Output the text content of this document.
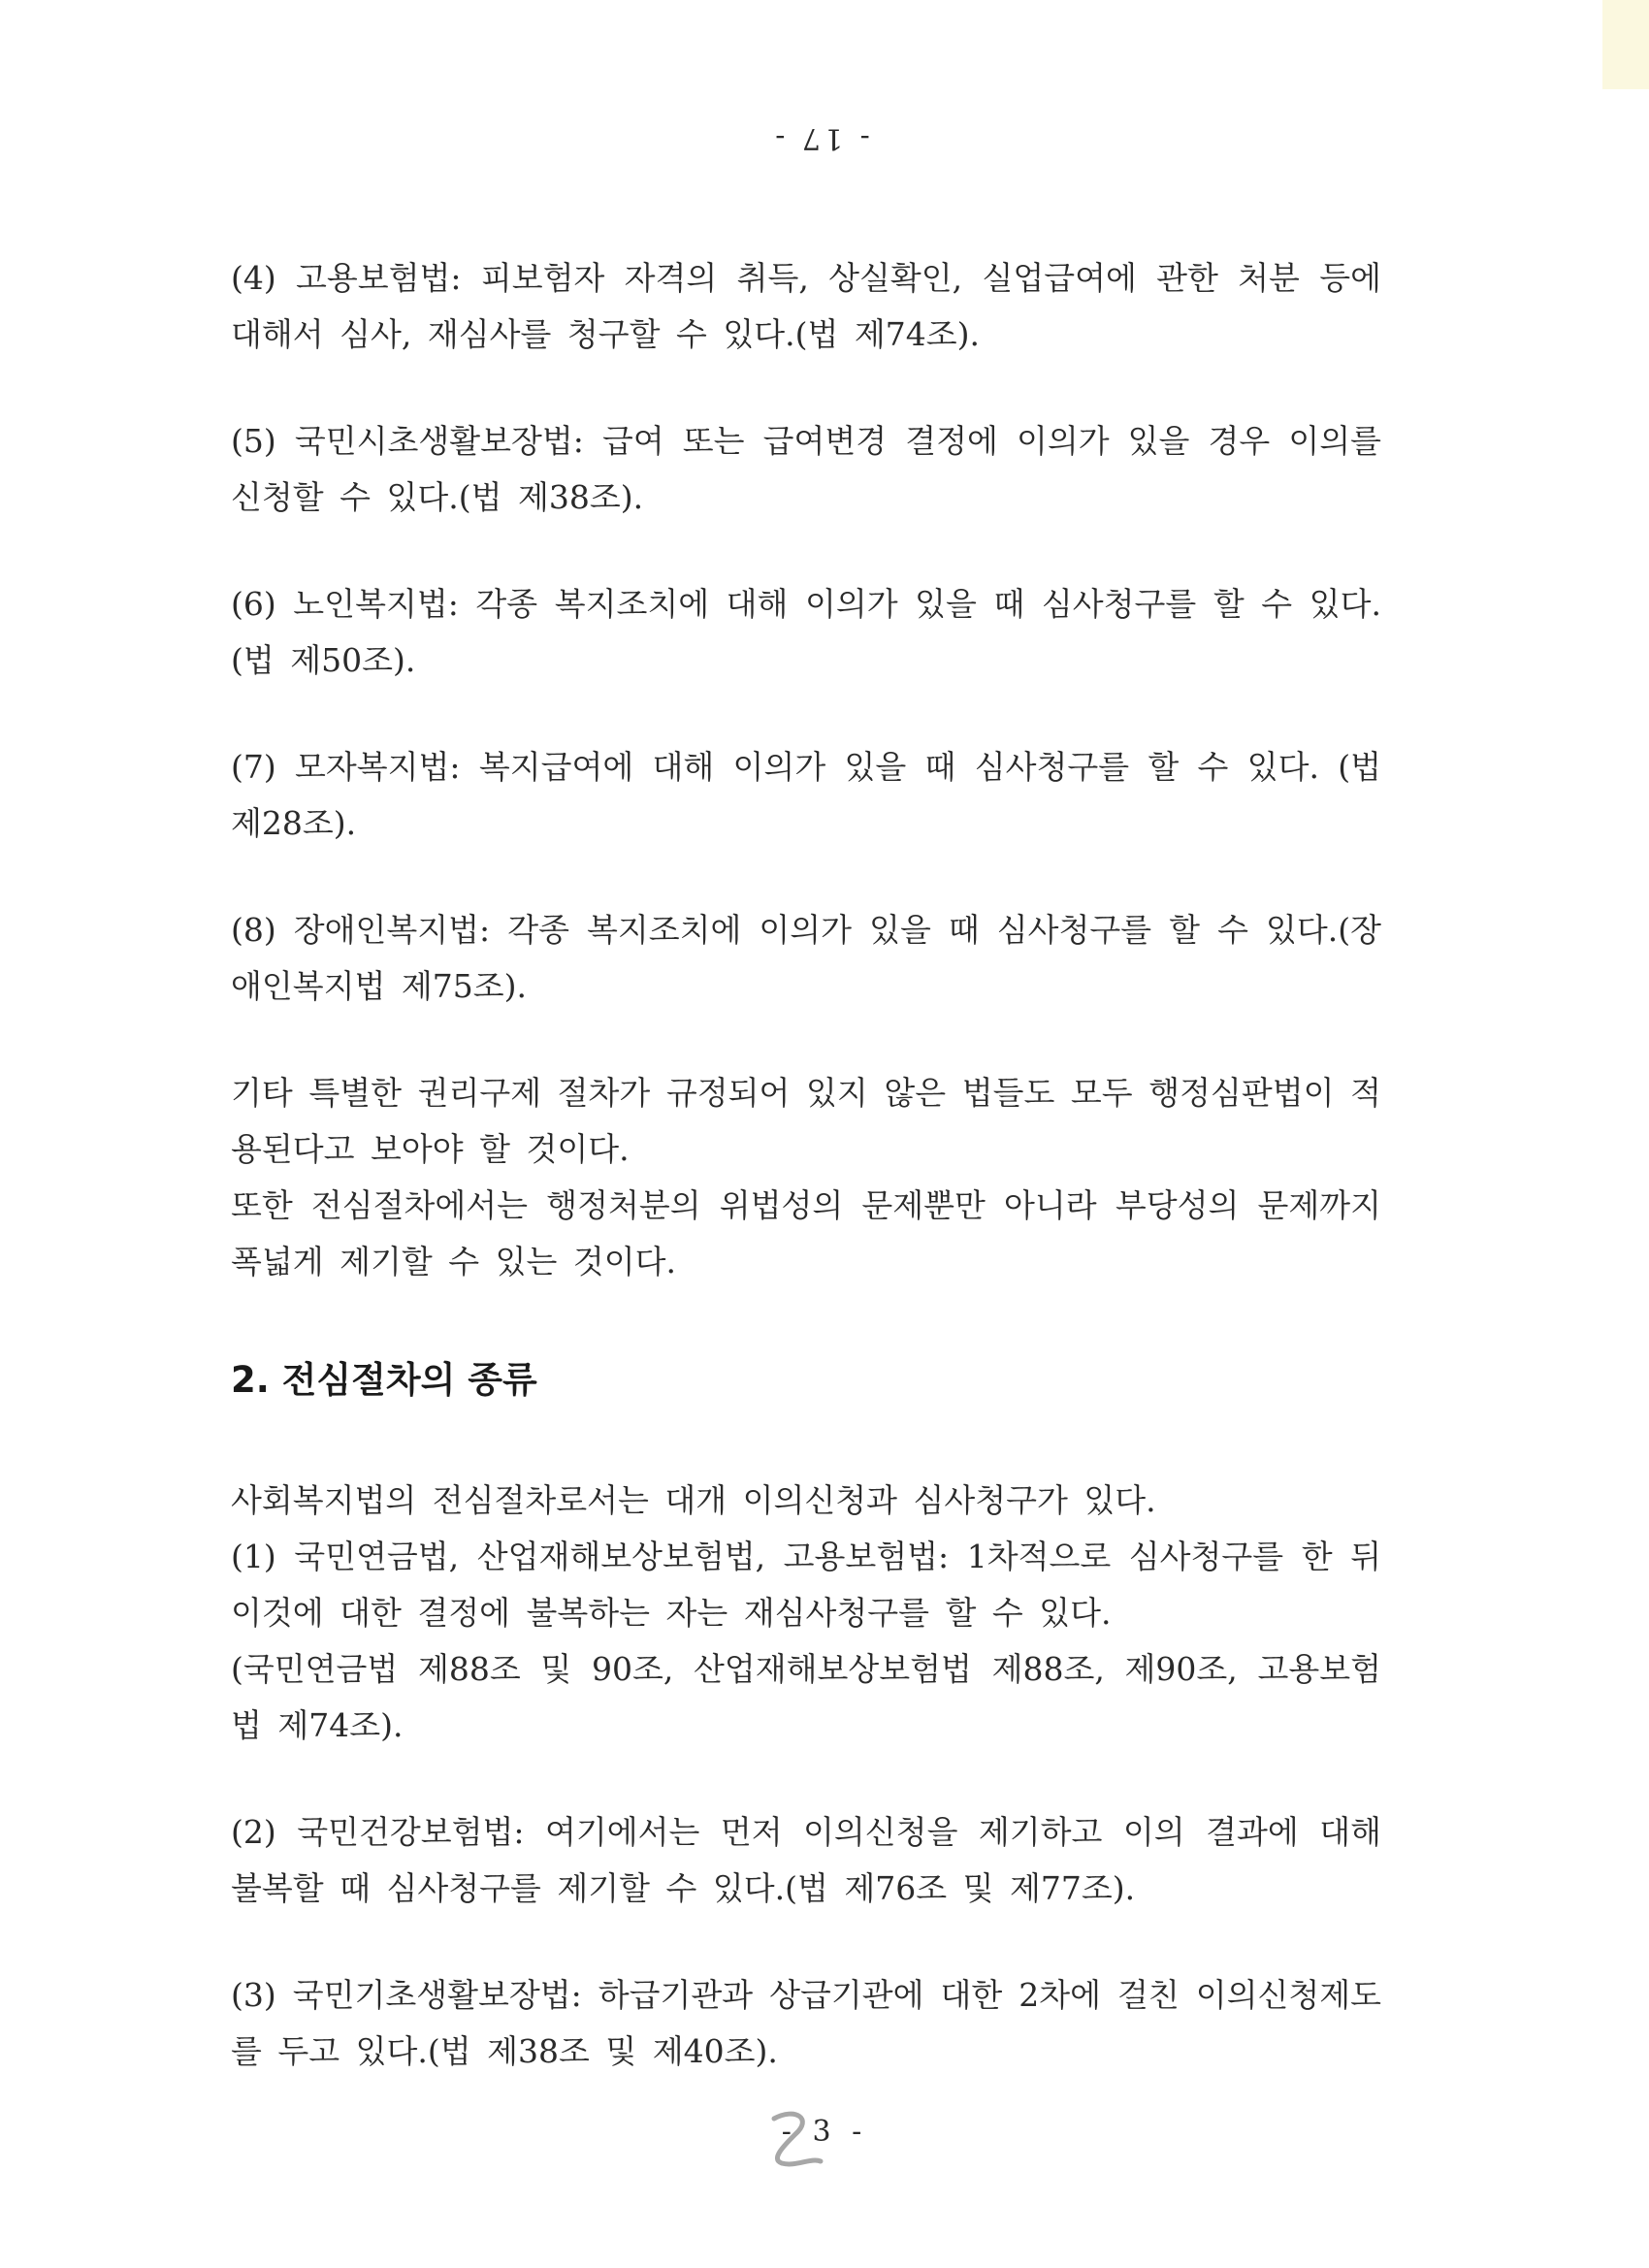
- 17 -

(4) 고용보험법: 피보험자 자격의 취득, 상실확인, 실업급여에 관한 처분 등에 대해서 심사, 재심사를 청구할 수 있다.(법 제74조).

(5) 국민시초생활보장법: 급여 또는 급여변경 결정에 이의가 있을 경우 이의를 신청할 수 있다.(법 제38조).

(6) 노인복지법: 각종 복지조치에 대해 이의가 있을 때 심사청구를 할 수 있다.(법 제50조).

(7) 모자복지법: 복지급여에 대해 이의가 있을 때 심사청구를 할 수 있다. (법 제28조).

(8) 장애인복지법: 각종 복지조치에 이의가 있을 때 심사청구를 할 수 있다.(장애인복지법 제75조).

기타 특별한 권리구제 절차가 규정되어 있지 않은 법들도 모두 행정심판법이 적용된다고 보아야 할 것이다.

또한 전심절차에서는 행정처분의 위법성의 문제뿐만 아니라 부당성의 문제까지 폭넓게 제기할 수 있는 것이다.

2. 전심절차의 종류

사회복지법의 전심절차로서는 대개 이의신청과 심사청구가 있다.

(1) 국민연금법, 산업재해보상보험법, 고용보험법: 1차적으로 심사청구를 한 뒤 이것에 대한 결정에 불복하는 자는 재심사청구를 할 수 있다.

(국민연금법 제88조 및 90조, 산업재해보상보험법 제88조, 제90조, 고용보험법 제74조).

(2) 국민건강보험법: 여기에서는 먼저 이의신청을 제기하고 이의 결과에 대해 불복할 때 심사청구를 제기할 수 있다.(법 제76조 및 제77조).

(3) 국민기초생활보장법: 하급기관과 상급기관에 대한 2차에 걸친 이의신청제도를 두고 있다.(법 제38조 및 제40조).

- 3 -
